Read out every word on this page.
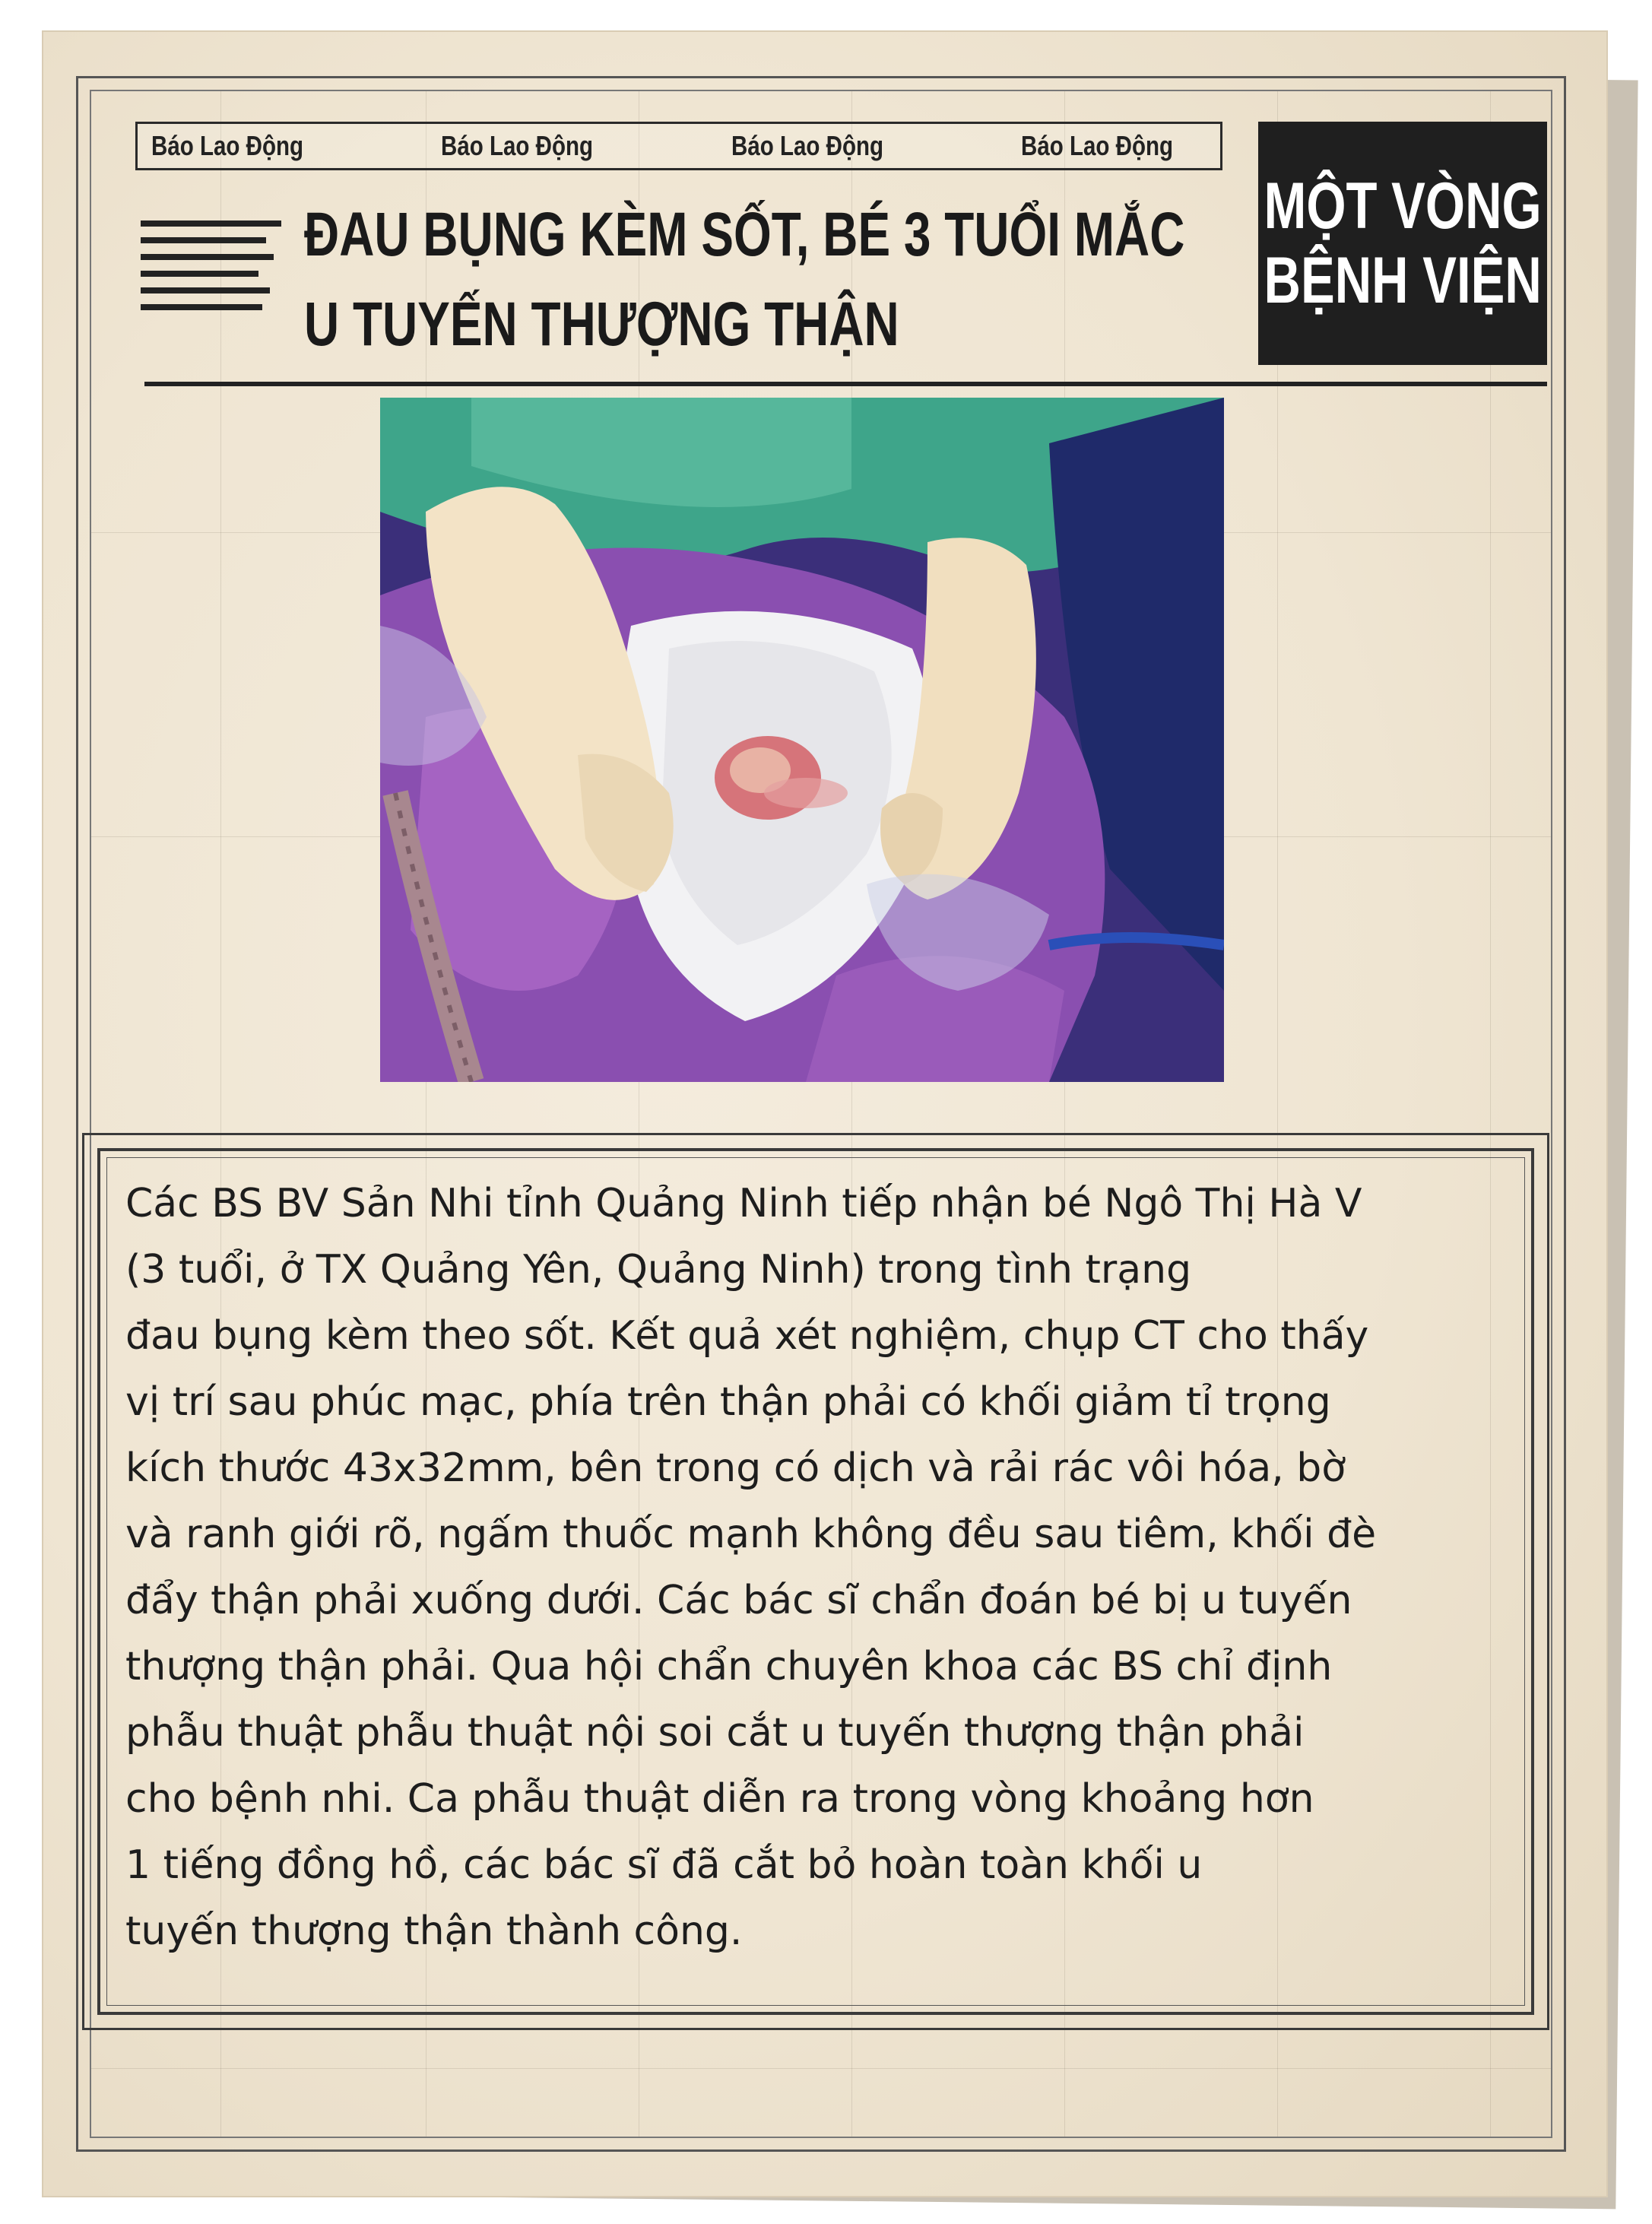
Báo Lao Động	Báo Lao Động	Báo Lao Động	Báo Lao Động
ĐAU BỤNG KÈM SỐT, BÉ 3 TUỔI MẮC
U TUYẾN THƯỢNG THẬN
MỘT VÒNG
BỆNH VIỆN
Các BS BV Sản Nhi tỉnh Quảng Ninh tiếp nhận bé Ngô Thị Hà V
(3 tuổi, ở TX Quảng Yên, Quảng Ninh) trong tình trạng
đau bụng kèm theo sốt. Kết quả xét nghiệm, chụp CT cho thấy
vị trí sau phúc mạc, phía trên thận phải có khối giảm tỉ trọng
kích thước 43x32mm, bên trong có dịch và rải rác vôi hóa, bờ
và ranh giới rõ, ngấm thuốc mạnh không đều sau tiêm, khối đè
đẩy thận phải xuống dưới. Các bác sĩ chẩn đoán bé bị u tuyến
thượng thận phải. Qua hội chẩn chuyên khoa các BS chỉ định
phẫu thuật phẫu thuật nội soi cắt u tuyến thượng thận phải
cho bệnh nhi. Ca phẫu thuật diễn ra trong vòng khoảng hơn
1 tiếng đồng hồ, các bác sĩ đã cắt bỏ hoàn toàn khối u
tuyến thượng thận thành công.
